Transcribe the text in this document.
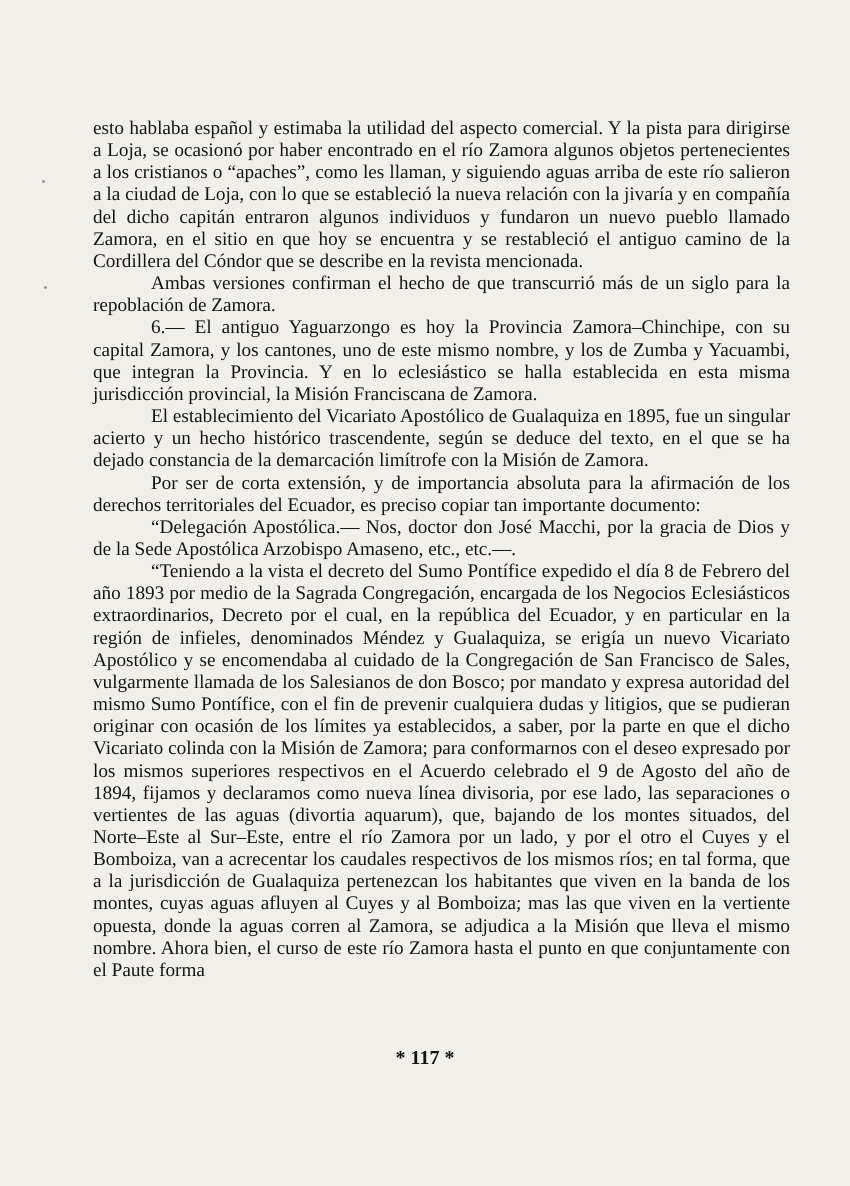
esto hablaba español y estimaba la utilidad del aspecto comercial. Y la pista para dirigirse a Loja, se ocasionó por haber encontrado en el río Zamora algunos objetos pertenecientes a los cristianos o “apaches”, como les llaman, y siguiendo aguas arriba de este río salieron a la ciudad de Loja, con lo que se estableció la nueva relación con la jivaría y en compañía del dicho capitán entraron algunos individuos y fundaron un nuevo pueblo llamado Zamora, en el sitio en que hoy se encuentra y se restableció el antiguo camino de la Cordillera del Cóndor que se describe en la revista mencionada.

Ambas versiones confirman el hecho de que transcurrió más de un siglo para la repoblación de Zamora.

6.— El antiguo Yaguarzongo es hoy la Provincia Zamora–Chinchipe, con su capital Zamora, y los cantones, uno de este mismo nombre, y los de Zumba y Yacuambi, que integran la Provincia. Y en lo eclesiástico se halla establecida en esta misma jurisdicción provincial, la Misión Franciscana de Zamora.

El establecimiento del Vicariato Apostólico de Gualaquiza en 1895, fue un singular acierto y un hecho histórico trascendente, según se deduce del texto, en el que se ha dejado constancia de la demarcación limítrofe con la Misión de Zamora.

Por ser de corta extensión, y de importancia absoluta para la afirmación de los derechos territoriales del Ecuador, es preciso copiar tan importante documento:

“Delegación Apostólica.— Nos, doctor don José Macchi, por la gracia de Dios y de la Sede Apostólica Arzobispo Amaseno, etc., etc.—.

“Teniendo a la vista el decreto del Sumo Pontífice expedido el día 8 de Febrero del año 1893 por medio de la Sagrada Congregación, encargada de los Negocios Eclesiásticos extraordinarios, Decreto por el cual, en la república del Ecuador, y en particular en la región de infieles, denominados Méndez y Gualaquiza, se erigía un nuevo Vicariato Apostólico y se encomendaba al cuidado de la Congregación de San Francisco de Sales, vulgarmente llamada de los Salesianos de don Bosco; por mandato y expresa autoridad del mismo Sumo Pontífice, con el fin de prevenir cualquiera dudas y litigios, que se pudieran originar con ocasión de los límites ya establecidos, a saber, por la parte en que el dicho Vicariato colinda con la Misión de Zamora; para conformarnos con el deseo expresado por los mismos superiores respectivos en el Acuerdo celebrado el 9 de Agosto del año de 1894, fijamos y declaramos como nueva línea divisoria, por ese lado, las separaciones o vertientes de las aguas (divortia aquarum), que, bajando de los montes situados, del Norte–Este al Sur–Este, entre el río Zamora por un lado, y por el otro el Cuyes y el Bomboiza, van a acrecentar los caudales respectivos de los mismos ríos; en tal forma, que a la jurisdicción de Gualaquiza pertenezcan los habitantes que viven en la banda de los montes, cuyas aguas afluyen al Cuyes y al Bomboiza; mas las que viven en la vertiente opuesta, donde la aguas corren al Zamora, se adjudica a la Misión que lleva el mismo nombre. Ahora bien, el curso de este río Zamora hasta el punto en que conjuntamente con el Paute forma

* 117 *
